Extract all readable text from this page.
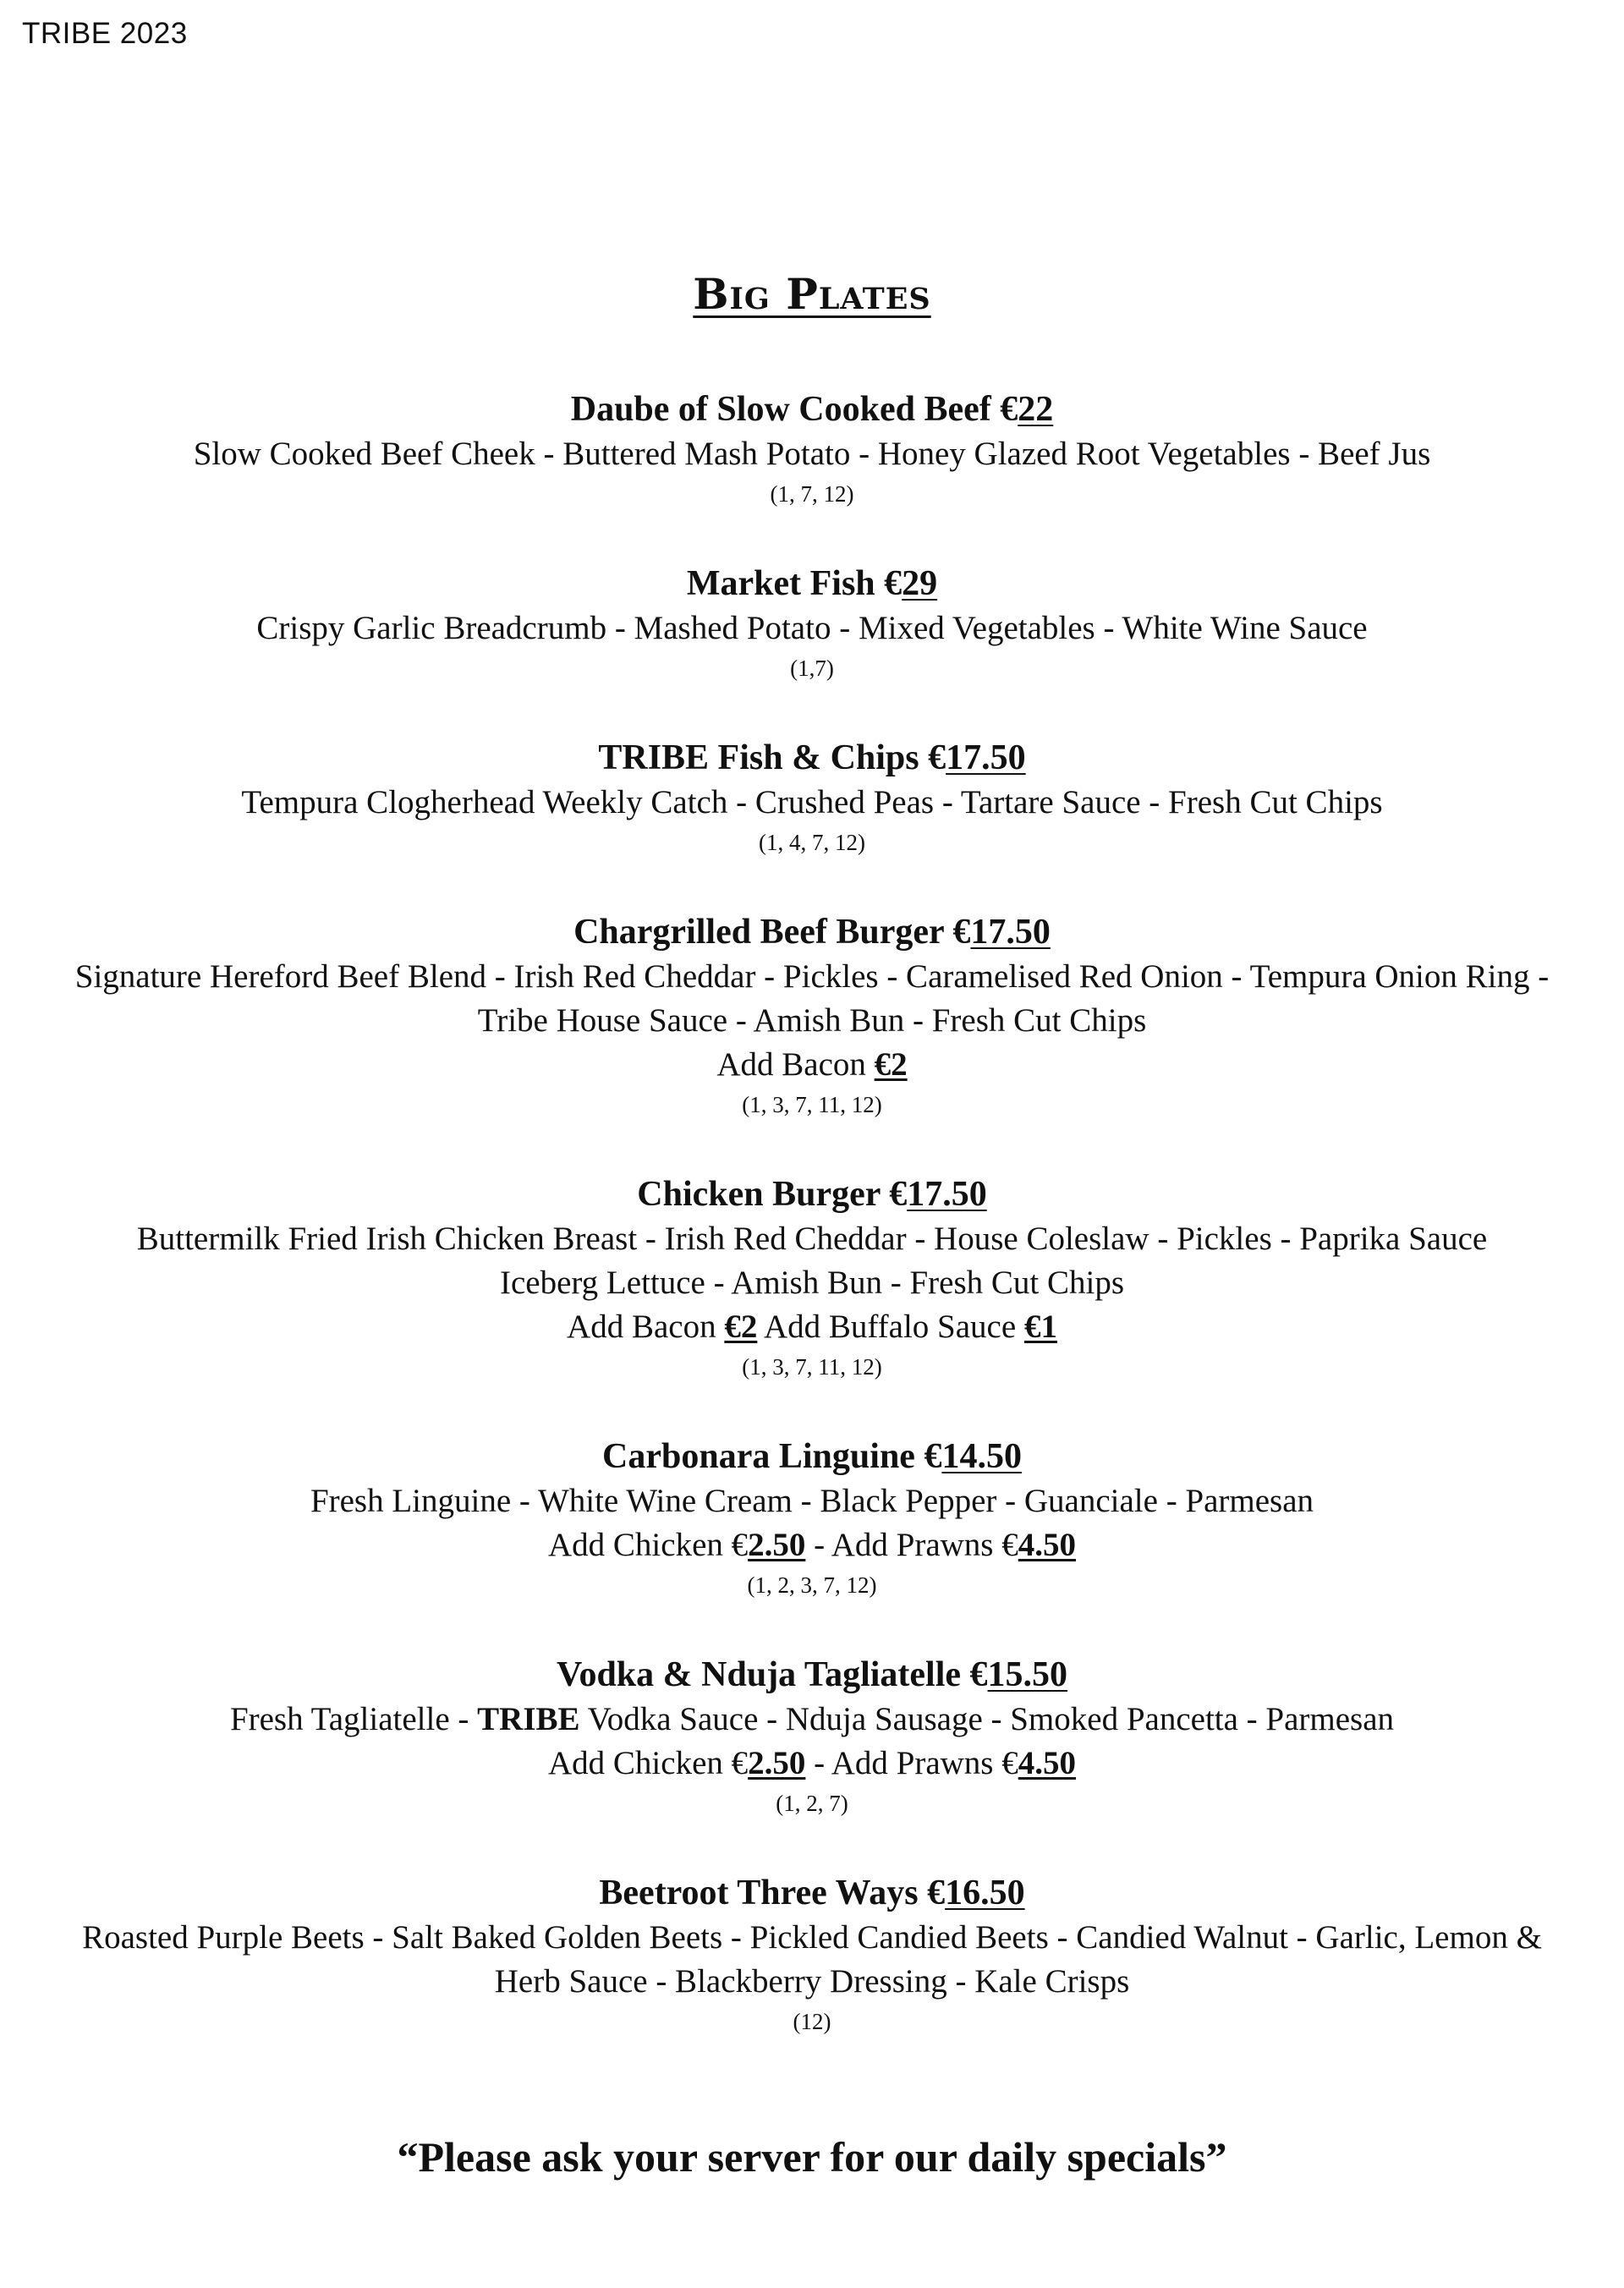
TRIBE 2023
Big Plates
Daube of Slow Cooked Beef €22
Slow Cooked Beef Cheek - Buttered Mash Potato - Honey Glazed Root Vegetables - Beef Jus
(1, 7, 12)
Market Fish €29
Crispy Garlic Breadcrumb - Mashed Potato - Mixed Vegetables - White Wine Sauce
(1,7)
TRIBE Fish & Chips €17.50
Tempura Clogherhead Weekly Catch - Crushed Peas - Tartare Sauce - Fresh Cut Chips
(1, 4, 7, 12)
Chargrilled Beef Burger €17.50
Signature Hereford Beef Blend - Irish Red Cheddar - Pickles - Caramelised Red Onion - Tempura Onion Ring -
Tribe House Sauce - Amish Bun - Fresh Cut Chips
Add Bacon €2
(1, 3, 7, 11, 12)
Chicken Burger €17.50
Buttermilk Fried Irish Chicken Breast - Irish Red Cheddar - House Coleslaw - Pickles - Paprika Sauce
Iceberg Lettuce - Amish Bun - Fresh Cut Chips
Add Bacon €2 Add Buffalo Sauce €1
(1, 3, 7, 11, 12)
Carbonara Linguine €14.50
Fresh Linguine - White Wine Cream - Black Pepper - Guanciale - Parmesan
Add Chicken €2.50 - Add Prawns €4.50
(1, 2, 3, 7, 12)
Vodka & Nduja Tagliatelle €15.50
Fresh Tagliatelle - TRIBE Vodka Sauce - Nduja Sausage - Smoked Pancetta - Parmesan
Add Chicken €2.50 - Add Prawns €4.50
(1, 2, 7)
Beetroot Three Ways €16.50
Roasted Purple Beets - Salt Baked Golden Beets - Pickled Candied Beets - Candied Walnut - Garlic, Lemon &
Herb Sauce - Blackberry Dressing - Kale Crisps
(12)
“Please ask your server for our daily specials”
